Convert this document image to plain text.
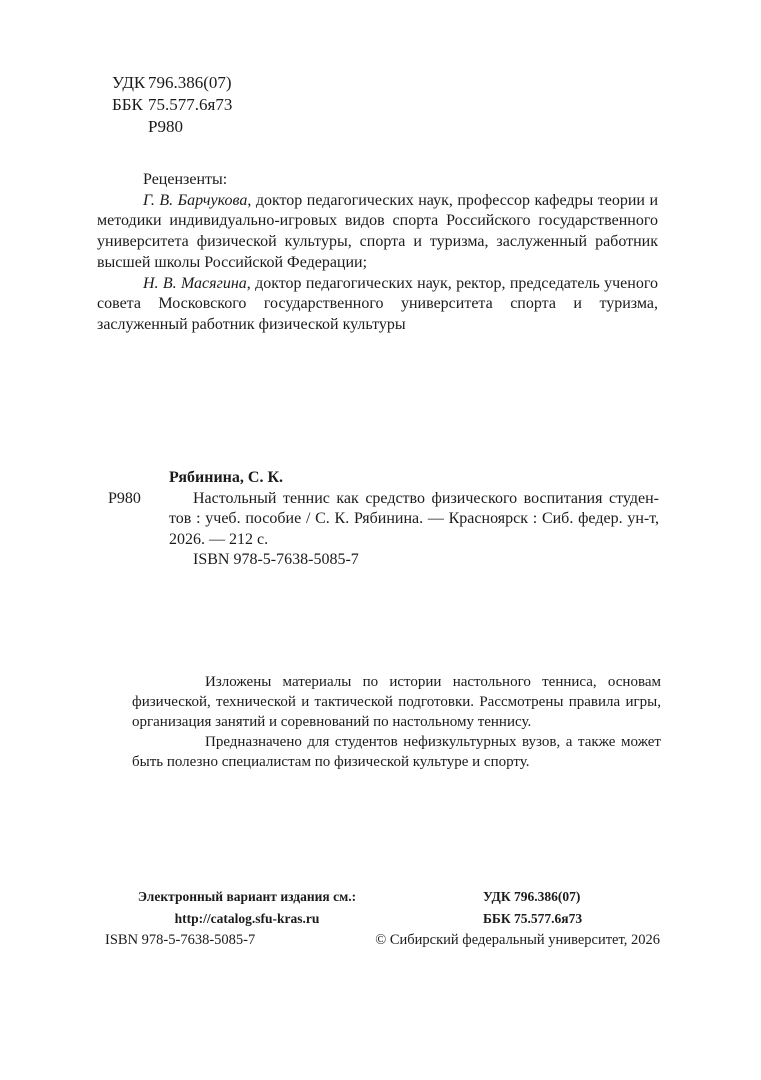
УДК 796.386(07)
ББК 75.577.6я73
Р980

Рецензенты:

Г. В. Барчукова, доктор педагогических наук, профессор кафедры теории и методики индивидуально-игровых видов спорта Российского государственного университета физической культуры, спорта и туризма, заслуженный работник высшей школы Российской Федерации;

Н. В. Масягина, доктор педагогических наук, ректор, председатель ученого совета Московского государственного университета спорта и туризма, заслуженный работник физической культуры

Р980

Рябинина, С. К.

Настольный теннис как средство физического воспитания студентов : учеб. пособие / С. К. Рябинина. — Красноярск : Сиб. федер. ун-т, 2026. — 212 с.

ISBN 978-5-7638-5085-7

Изложены материалы по истории настольного тенниса, основам физической, технической и тактической подготовки. Рассмотрены правила игры, организация занятий и соревнований по настольному теннису.

Предназначено для студентов нефизкультурных вузов, а также может быть полезно специалистам по физической культуре и спорту.

Электронный вариант издания см.:

http://catalog.sfu-kras.ru

УДК 796.386(07)

ББК 75.577.6я73

ISBN 978-5-7638-5085-7	© Сибирский федеральный университет, 2026
